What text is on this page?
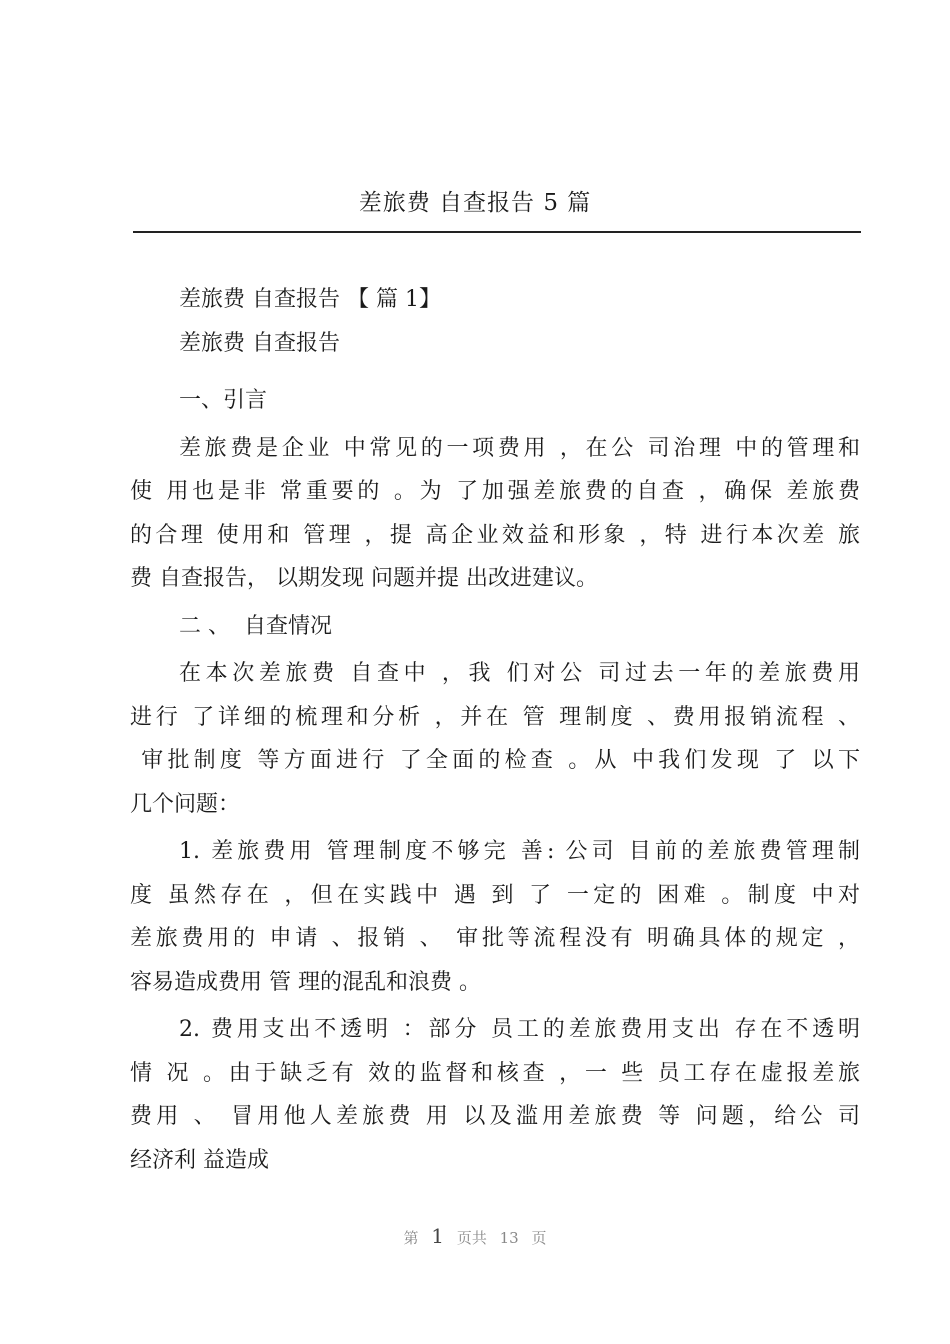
差旅费 自查报告 5 篇
差旅费 自查报告 【 篇 1】
差旅费 自查报告
一、引言
差旅费是企业 中常见的一项费用 ，在公 司治理 中的管理和
使 用也是非 常重要的 。为 了加强差旅费的自查 ，确保 差旅费
的合理 使用和 管理 ，提 高企业效益和形象 ，特 进行本次差 旅
费 自查报告， 以期发现 问题并提 出改进建议。
二 、  自查情况
在本次差旅费 自查中 ，我 们对公 司过去一年的差旅费用
进行 了详细的梳理和分析 ，并在 管 理制度 、费用报销流程 、
审批制度 等方面进行 了全面的检查 。从 中我们发现 了 以下
几个问题：
1. 差旅费用 管理制度不够完 善: 公司 目前的差旅费管理制
度 虽然存在 ，但在实践中 遇 到 了 一定的 困难 。制度 中对
差旅费用的 申请 、报销 、 审批等流程没有 明确具体的规定 ，
容易造成费用 管 理的混乱和浪费 。
2. 费用支出不透明 ：部分 员工的差旅费用支出 存在不透明
情 况 。由于缺乏有 效的监督和核查 ，一 些 员工存在虚报差旅
费用 、 冒用他人差旅费 用 以及滥用差旅费 等 问题，给公 司
经济利 益造成
第 1 页共 13 页
